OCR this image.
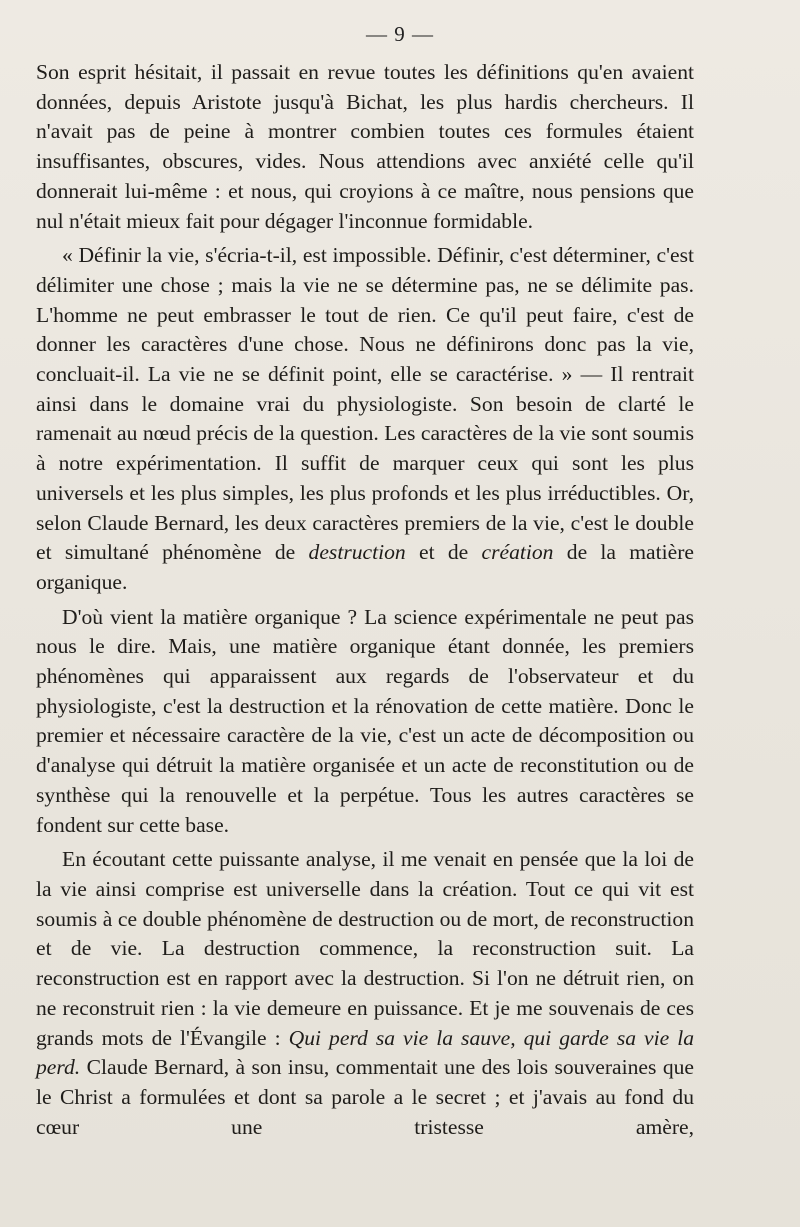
— 9 —

Son esprit hésitait, il passait en revue toutes les définitions qu'en avaient données, depuis Aristote jusqu'à Bichat, les plus hardis chercheurs. Il n'avait pas de peine à montrer combien toutes ces formules étaient insuffisantes, obscures, vides. Nous attendions avec anxiété celle qu'il donnerait lui-même : et nous, qui croyions à ce maître, nous pensions que nul n'était mieux fait pour dégager l'inconnue formidable.

« Définir la vie, s'écria-t-il, est impossible. Définir, c'est déterminer, c'est délimiter une chose ; mais la vie ne se détermine pas, ne se délimite pas. L'homme ne peut embrasser le tout de rien. Ce qu'il peut faire, c'est de donner les caractères d'une chose. Nous ne définirons donc pas la vie, concluait-il. La vie ne se définit point, elle se caractérise. » — Il rentrait ainsi dans le domaine vrai du physiologiste. Son besoin de clarté le ramenait au nœud précis de la question. Les caractères de la vie sont soumis à notre expérimentation. Il suffit de marquer ceux qui sont les plus universels et les plus simples, les plus profonds et les plus irréductibles. Or, selon Claude Bernard, les deux caractères premiers de la vie, c'est le double et simultané phénomène de destruction et de création de la matière organique.

D'où vient la matière organique ? La science expérimentale ne peut pas nous le dire. Mais, une matière organique étant donnée, les premiers phénomènes qui apparaissent aux regards de l'observateur et du physiologiste, c'est la destruction et la rénovation de cette matière. Donc le premier et nécessaire caractère de la vie, c'est un acte de décomposition ou d'analyse qui détruit la matière organisée et un acte de reconstitution ou de synthèse qui la renouvelle et la perpétue. Tous les autres caractères se fondent sur cette base.

En écoutant cette puissante analyse, il me venait en pensée que la loi de la vie ainsi comprise est universelle dans la création. Tout ce qui vit est soumis à ce double phénomène de destruction ou de mort, de reconstruction et de vie. La destruction commence, la reconstruction suit. La reconstruction est en rapport avec la destruction. Si l'on ne détruit rien, on ne reconstruit rien : la vie demeure en puissance. Et je me souvenais de ces grands mots de l'Évangile : Qui perd sa vie la sauve, qui garde sa vie la perd. Claude Bernard, à son insu, commentait une des lois souveraines que le Christ a formulées et dont sa parole a le secret ; et j'avais au fond du cœur une tristesse amère,
